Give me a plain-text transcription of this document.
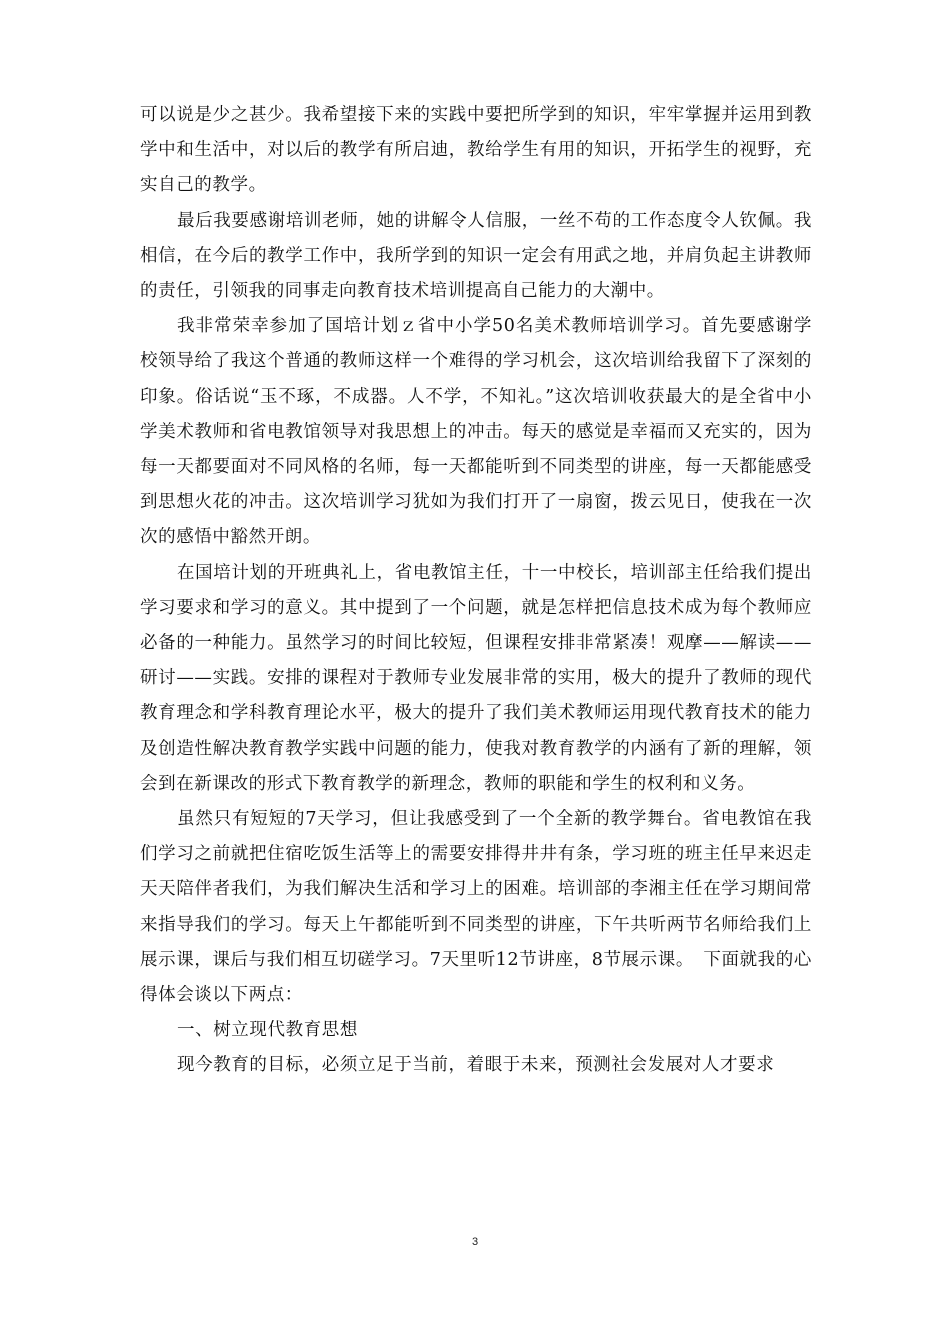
可以说是少之甚少。我希望接下来的实践中要把所学到的知识，牢牢掌握并运用到教学中和生活中，对以后的教学有所启迪，教给学生有用的知识，开拓学生的视野，充实自己的教学。

最后我要感谢培训老师，她的讲解令人信服，一丝不苟的工作态度令人钦佩。我相信，在今后的教学工作中，我所学到的知识一定会有用武之地，并肩负起主讲教师的责任，引领我的同事走向教育技术培训提高自己能力的大潮中。

我非常荣幸参加了国培计划ｚ省中小学50名美术教师培训学习。首先要感谢学校领导给了我这个普通的教师这样一个难得的学习机会，这次培训给我留下了深刻的印象。俗话说“玉不琢，不成器。人不学，不知礼。”这次培训收获最大的是全省中小学美术教师和省电教馆领导对我思想上的冲击。每天的感觉是幸福而又充实的，因为每一天都要面对不同风格的名师，每一天都能听到不同类型的讲座，每一天都能感受到思想火花的冲击。这次培训学习犹如为我们打开了一扇窗，拨云见日，使我在一次次的感悟中豁然开朗。

在国培计划的开班典礼上，省电教馆主任，十一中校长，培训部主任给我们提出学习要求和学习的意义。其中提到了一个问题，就是怎样把信息技术成为每个教师应必备的一种能力。虽然学习的时间比较短，但课程安排非常紧凑！观摩——解读——研讨——实践。安排的课程对于教师专业发展非常的实用，极大的提升了教师的现代教育理念和学科教育理论水平，极大的提升了我们美术教师运用现代教育技术的能力及创造性解决教育教学实践中问题的能力，使我对教育教学的内涵有了新的理解，领会到在新课改的形式下教育教学的新理念，教师的职能和学生的权利和义务。

虽然只有短短的7天学习，但让我感受到了一个全新的教学舞台。省电教馆在我们学习之前就把住宿吃饭生活等上的需要安排得井井有条，学习班的班主任早来迟走天天陪伴者我们，为我们解决生活和学习上的困难。培训部的李湘主任在学习期间常来指导我们的学习。每天上午都能听到不同类型的讲座，下午共听两节名师给我们上展示课，课后与我们相互切磋学习。7天里听12节讲座，8节展示课。　下面就我的心得体会谈以下两点：

一、树立现代教育思想

现今教育的目标，必须立足于当前，着眼于未来，预测社会发展对人才要求

3
